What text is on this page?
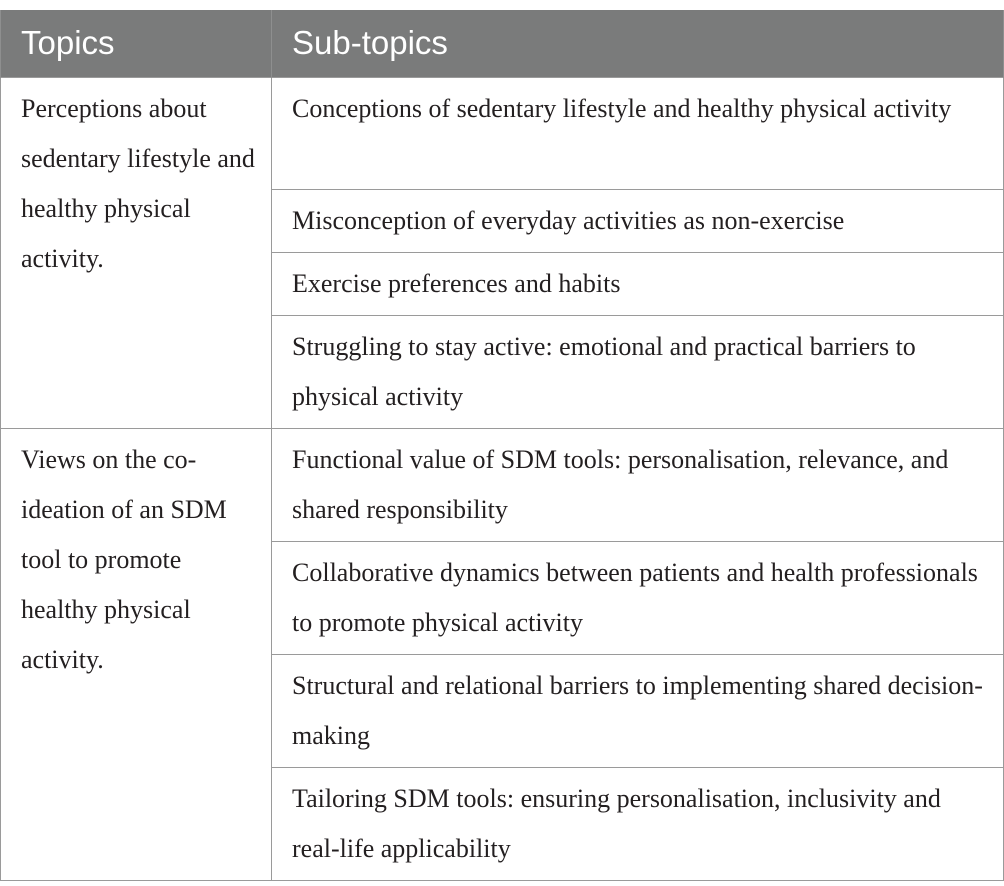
Topics	Sub-topics
Perceptions about sedentary lifestyle and healthy physical activity.	Conceptions of sedentary lifestyle and healthy physical activity
	Misconception of everyday activities as non-exercise
	Exercise preferences and habits
	Struggling to stay active: emotional and practical barriers to physical activity
Views on the co-ideation of an SDM tool to promote healthy physical activity.	Functional value of SDM tools: personalisation, relevance, and shared responsibility
	Collaborative dynamics between patients and health professionals to promote physical activity
	Structural and relational barriers to implementing shared decision-making
	Tailoring SDM tools: ensuring personalisation, inclusivity and real-life applicability
